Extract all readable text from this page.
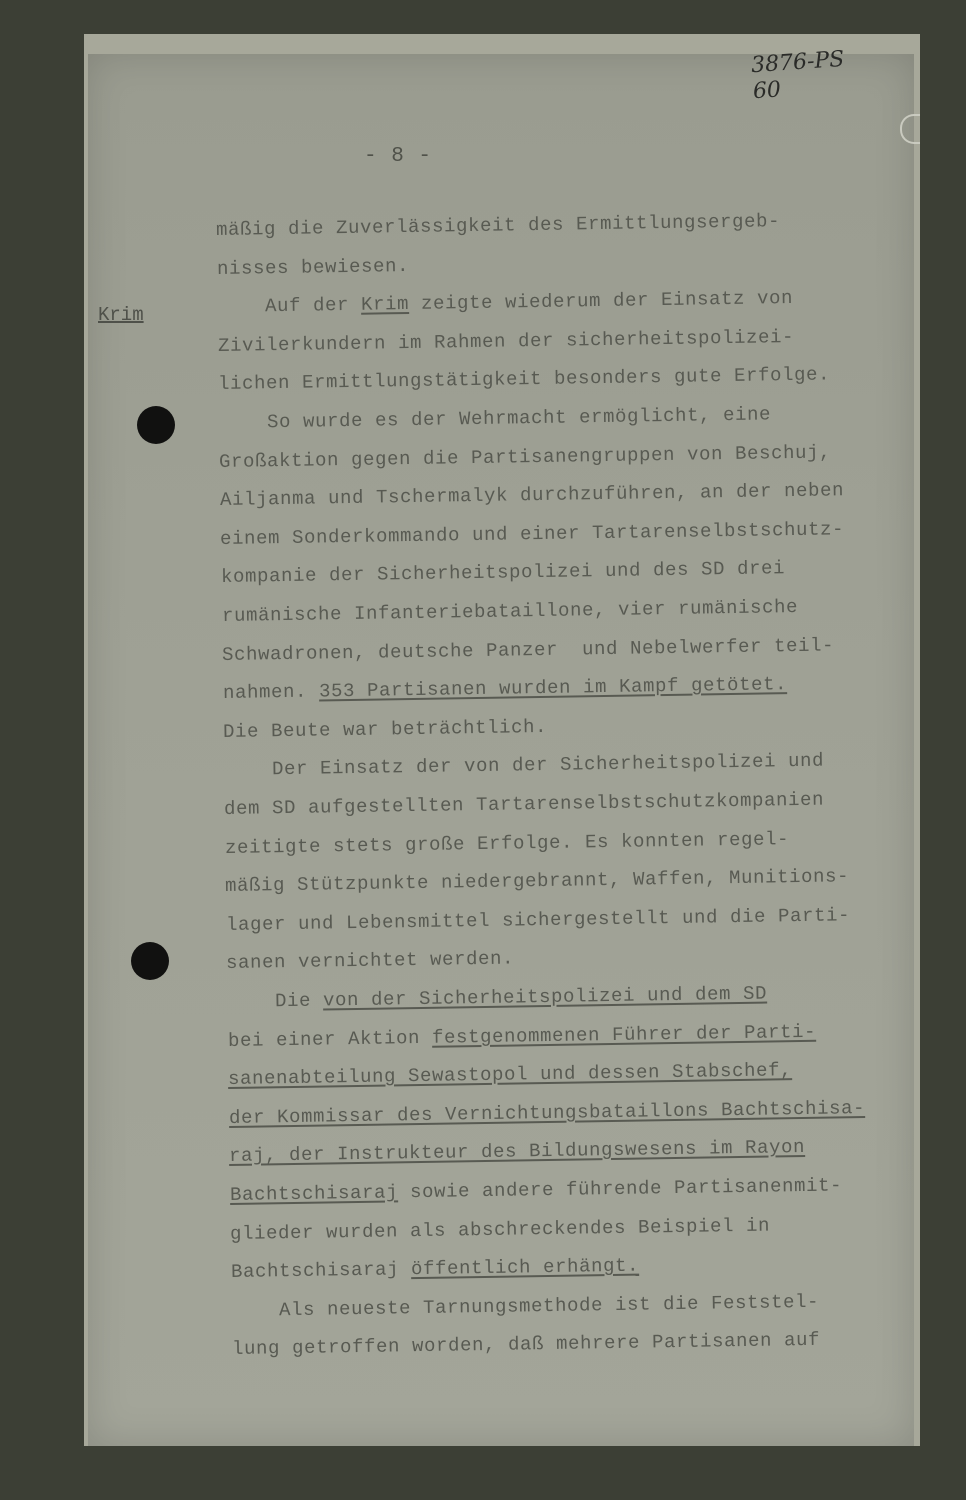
3876-PS
60
- 8 -
Krim
mäßig die Zuverlässigkeit des Ermittlungsergeb-
nisses bewiesen.
Auf der Krim zeigte wiederum der Einsatz von
Zivilerkundern im Rahmen der sicherheitspolizei-
lichen Ermittlungstätigkeit besonders gute Erfolge.
So wurde es der Wehrmacht ermöglicht, eine
Großaktion gegen die Partisanengruppen von Beschuj,
Ailjanma und Tschermalyk durchzuführen, an der neben
einem Sonderkommando und einer Tartarenselbstschutz-
kompanie der Sicherheitspolizei und des SD drei
rumänische Infanteriebataillone, vier rumänische
Schwadronen, deutsche Panzer  und Nebelwerfer teil-
nahmen. 353 Partisanen wurden im Kampf getötet.
Die Beute war beträchtlich.
Der Einsatz der von der Sicherheitspolizei und
dem SD aufgestellten Tartarenselbstschutzkompanien
zeitigte stets große Erfolge. Es konnten regel-
mäßig Stützpunkte niedergebrannt, Waffen, Munitions-
lager und Lebensmittel sichergestellt und die Parti-
sanen vernichtet werden.
Die von der Sicherheitspolizei und dem SD
bei einer Aktion festgenommenen Führer der Parti-
sanenabteilung Sewastopol und dessen Stabschef,
der Kommissar des Vernichtungsbataillons Bachtschisa-
raj, der Instrukteur des Bildungswesens im Rayon
Bachtschisaraj sowie andere führende Partisanenmit-
glieder wurden als abschreckendes Beispiel in
Bachtschisaraj öffentlich erhängt.
Als neueste Tarnungsmethode ist die Feststel-
lung getroffen worden, daß mehrere Partisanen auf
